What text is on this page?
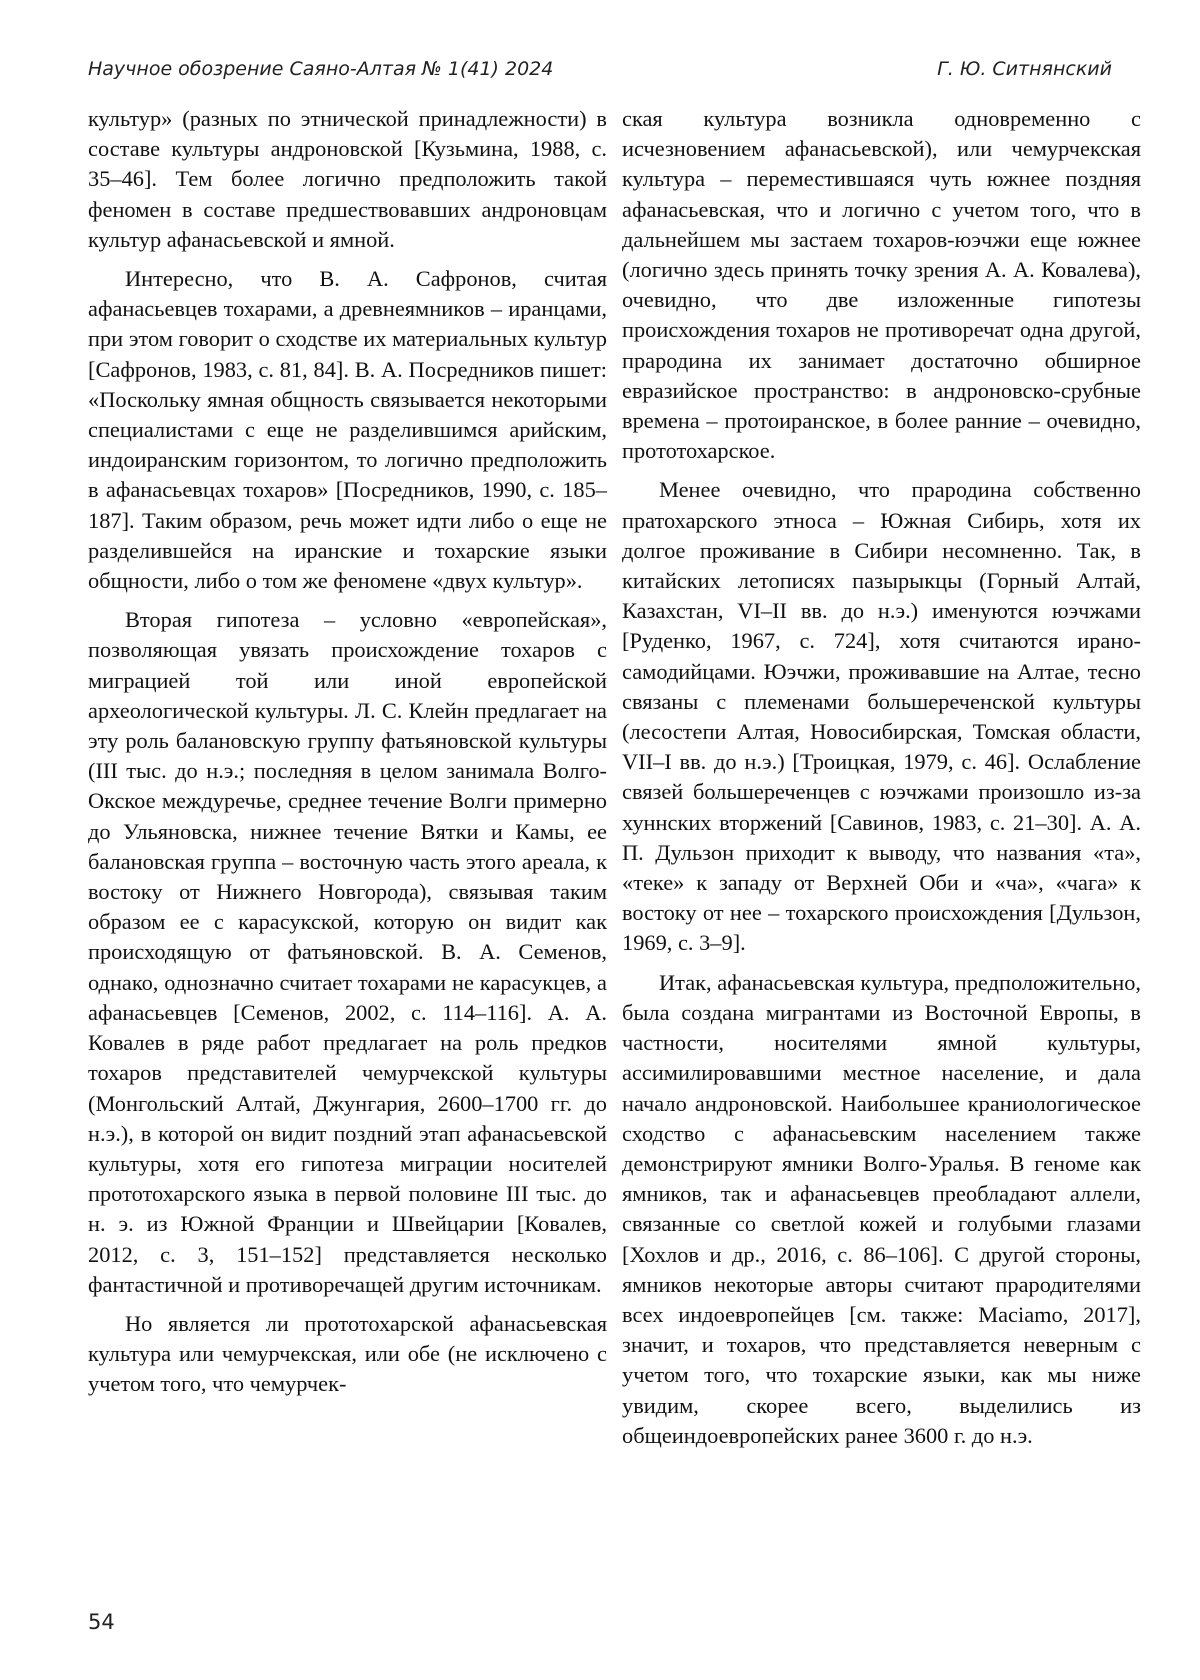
Научное обозрение Саяно-Алтая № 1(41) 2024	Г. Ю. Ситнянский

культур» (разных по этнической принадлежности) в составе культуры андроновской [Кузьмина, 1988, с. 35–46]. Тем более логично предположить такой феномен в составе предшествовавших андроновцам культур афанасьевской и ямной.

Интересно, что В. А. Сафронов, считая афанасьевцев тохарами, а древнеямников – иранцами, при этом говорит о сходстве их материальных культур [Сафронов, 1983, с. 81, 84]. В. А. Посредников пишет: «Поскольку ямная общность связывается некоторыми специалистами с еще не разделившимся арийским, индоиранским горизонтом, то логично предположить в афанасьевцах тохаров» [Посредников, 1990, с. 185–187]. Таким образом, речь может идти либо о еще не разделившейся на иранские и тохарские языки общности, либо о том же феномене «двух культур».

Вторая гипотеза – условно «европейская», позволяющая увязать происхождение тохаров с миграцией той или иной европейской археологической культуры. Л. С. Клейн предлагает на эту роль балановскую группу фатьяновской культуры (III тыс. до н.э.; последняя в целом занимала Волго-Окское междуречье, среднее течение Волги примерно до Ульяновска, нижнее течение Вятки и Камы, ее балановская группа – восточную часть этого ареала, к востоку от Нижнего Новгорода), связывая таким образом ее с карасукской, которую он видит как происходящую от фатьяновской. В. А. Семенов, однако, однозначно считает тохарами не карасукцев, а афанасьевцев [Семенов, 2002, с. 114–116]. А. А. Ковалев в ряде работ предлагает на роль предков тохаров представителей чемурчекской культуры (Монгольский Алтай, Джунгария, 2600–1700 гг. до н.э.), в которой он видит поздний этап афанасьевской культуры, хотя его гипотеза миграции носителей прототохарского языка в первой половине III тыс. до н. э. из Южной Франции и Швейцарии [Ковалев, 2012, с. 3, 151–152] представляется несколько фантастичной и противоречащей другим источникам.

Но является ли прототохарской афанасьевская культура или чемурчекская, или обе (не исключено с учетом того, что чемурчек-

ская культура возникла одновременно с исчезновением афанасьевской), или чемурчекская культура – переместившаяся чуть южнее поздняя афанасьевская, что и логично с учетом того, что в дальнейшем мы застаем тохаров-юэчжи еще южнее (логично здесь принять точку зрения А. А. Ковалева), очевидно, что две изложенные гипотезы происхождения тохаров не противоречат одна другой, прародина их занимает достаточно обширное евразийское пространство: в андроновско-срубные времена – протоиранское, в более ранние – очевидно, прототохарское.

Менее очевидно, что прародина собственно пратохарского этноса – Южная Сибирь, хотя их долгое проживание в Сибири несомненно. Так, в китайских летописях пазырыкцы (Горный Алтай, Казахстан, VI–II вв. до н.э.) именуются юэчжами [Руденко, 1967, с. 724], хотя считаются ирано-самодийцами. Юэчжи, проживавшие на Алтае, тесно связаны с племенами большереченской культуры (лесостепи Алтая, Новосибирская, Томская области, VII–I вв. до н.э.) [Троицкая, 1979, с. 46]. Ослабление связей большереченцев с юэчжами произошло из-за хуннских вторжений [Савинов, 1983, с. 21–30]. А. А. П. Дульзон приходит к выводу, что названия «та», «теке» к западу от Верхней Оби и «ча», «чага» к востоку от нее – тохарского происхождения [Дульзон, 1969, с. 3–9].

Итак, афанасьевская культура, предположительно, была создана мигрантами из Восточной Европы, в частности, носителями ямной культуры, ассимилировавшими местное население, и дала начало андроновской. Наибольшее краниологическое сходство с афанасьевским населением также демонстрируют ямники Волго-Уралья. В геноме как ямников, так и афанасьевцев преобладают аллели, связанные со светлой кожей и голубыми глазами [Хохлов и др., 2016, с. 86–106]. С другой стороны, ямников некоторые авторы считают прародителями всех индоевропейцев [см. также: Maciamo, 2017], значит, и тохаров, что представляется неверным с учетом того, что тохарские языки, как мы ниже увидим, скорее всего, выделились из общеиндоевропейских ранее 3600 г. до н.э.

54
